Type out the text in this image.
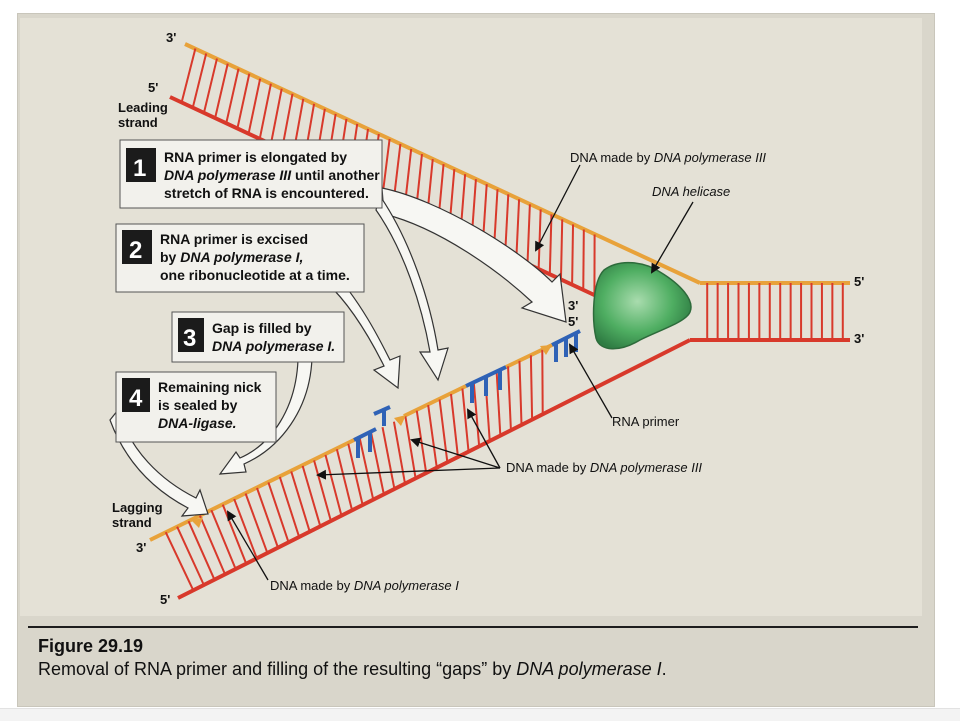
1 RNA primer is elongated by
DNA polymerase III until another
stretch of RNA is encountered.
2 RNA primer is excised
by DNA polymerase I,
one ribonucleotide at a time.
3 Gap is filled by
DNA polymerase I.
4 Remaining nick
is sealed by
DNA-ligase.
3'
5'
Leading
strand
3'
5'
5'
3'
Lagging
strand
3'
5'
DNA made by DNA polymerase III
DNA helicase
RNA primer
DNA made by DNA polymerase III
DNA made by DNA polymerase I
Figure 29.19
Removal of RNA primer and filling of the resulting “gaps” by DNA polymerase I.
